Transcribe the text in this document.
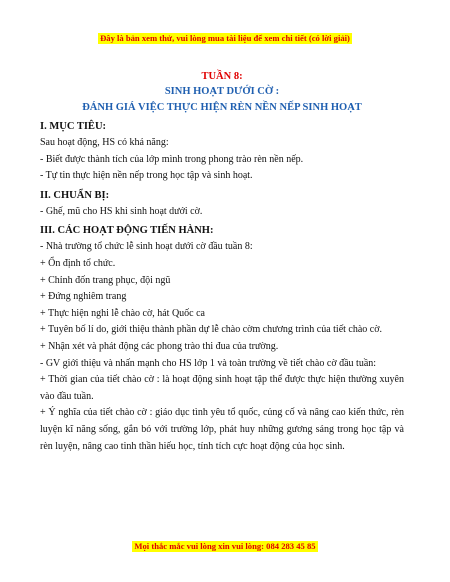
Đây là bản xem thử, vui lòng mua tài liệu để xem chi tiết (có lời giải)
TUẦN 8:
SINH HOẠT DƯỚI CỜ :
ĐÁNH GIÁ VIỆC THỰC HIỆN RÈN NỀN NẾP SINH HOẠT
I. MỤC TIÊU:
Sau hoạt động, HS có khả năng:
- Biết được thành tích của lớp mình trong phong trào rèn nền nếp.
- Tự tin thực hiện nền nếp trong học tập và sinh hoạt.
II. CHUẨN BỊ:
- Ghế, mũ cho HS khi sinh hoạt dưới cờ.
III. CÁC HOẠT ĐỘNG TIẾN HÀNH:
- Nhà trường tổ chức lễ sinh hoạt dưới cờ đầu tuần 8:
+ Ổn định tổ chức.
+ Chỉnh đốn trang phục, đội ngũ
+ Đứng nghiêm trang
+ Thực hiện nghi lễ chào cờ, hát Quốc ca
+ Tuyên bố lí do, giới thiệu thành phần dự lễ chào cờm chương trình của tiết chào cờ.
+ Nhận xét và phát động các phong trào thi đua của trường.
- GV giới thiệu và nhấn mạnh cho HS lớp 1 và toàn trường về tiết chào cờ đầu tuần:
+ Thời gian của tiết chào cờ : là hoạt động sinh hoạt tập thể được thực hiện thường xuyên vào đầu tuần.
+ Ý nghĩa của tiết chào cờ : giáo dục tình yêu tổ quốc, củng cố và nâng cao kiến thức, rèn luyện kĩ năng sống, gắn bó với trường lớp, phát huy những gương sáng trong học tập và rèn luyện, nâng cao tinh thần hiếu học, tính tích cực hoạt động của học sinh.
Mọi thắc mắc vui lòng xin vui lòng: 084 283 45 85
